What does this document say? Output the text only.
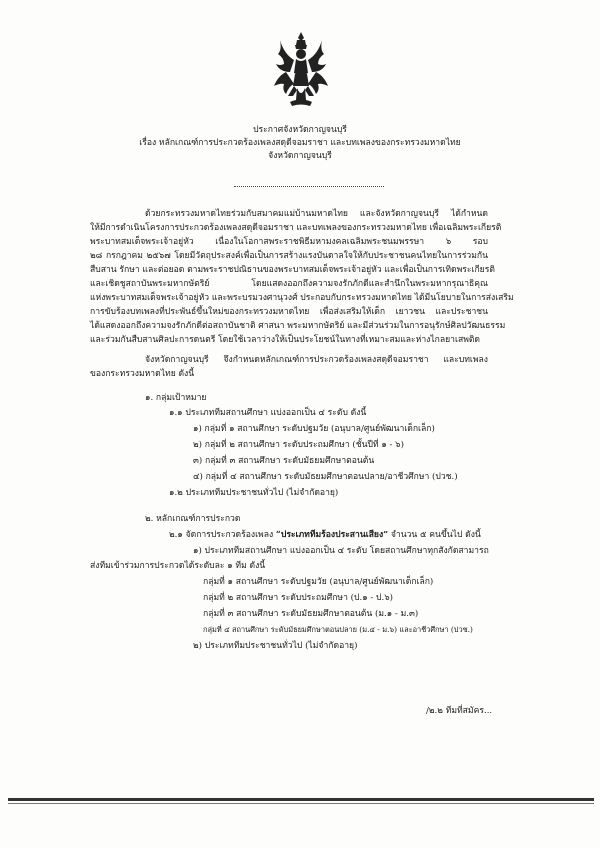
ประกาศจังหวัดกาญจนบุรี
เรื่อง หลักเกณฑ์การประกวดร้องเพลงสดุดีจอมราชา และบทเพลงของกระทรวงมหาดไทย
จังหวัดกาญจนบุรี
ด้วยกระทรวงมหาดไทยร่วมกับสมาคมแม่บ้านมหาดไทย และจังหวัดกาญจนบุรี ได้กำหนด
ให้มีการดำเนินโครงการประกวดร้องเพลงสดุดีจอมราชา และบทเพลงของกระทรวงมหาดไทย เพื่อเฉลิมพระเกียรติ
พระบาทสมเด็จพระเจ้าอยู่หัว เนื่องในโอกาสพระราชพิธีมหามงคลเฉลิมพระชนมพรรษา ๖ รอบ
๒๘ กรกฎาคม ๒๕๖๗ โดยมีวัตถุประสงค์เพื่อเป็นการสร้างแรงบันดาลใจให้กับประชาชนคนไทยในการร่วมกัน
สืบสาน รักษา และต่อยอด ตามพระราชปณิธานของพระบาทสมเด็จพระเจ้าอยู่หัว และเพื่อเป็นการเทิดพระเกียรติ
และเชิดชูสถาบันพระมหากษัตริย์ โดยแสดงออกถึงความจงรักภักดีและสำนึกในพระมหากรุณาธิคุณ
แห่งพระบาทสมเด็จพระเจ้าอยู่หัว และพระบรมวงศานุวงศ์ ประกอบกับกระทรวงมหาดไทย ได้มีนโยบายในการส่งเสริม
การขับร้องบทเพลงที่ประพันธ์ขึ้นใหม่ของกระทรวงมหาดไทย เพื่อส่งเสริมให้เด็ก เยาวชน และประชาชน
ได้แสดงออกถึงความจงรักภักดีต่อสถาบันชาติ ศาสนา พระมหากษัตริย์ และมีส่วนร่วมในการอนุรักษ์ศิลปวัฒนธรรม
และร่วมกันสืบสานศิลปะการดนตรี โดยใช้เวลาว่างให้เป็นประโยชน์ในทางที่เหมาะสมและห่างไกลยาเสพติด
จังหวัดกาญจนบุรี จึงกำหนดหลักเกณฑ์การประกวดร้องเพลงสดุดีจอมราชา และบทเพลง
ของกระทรวงมหาดไทย ดังนี้
๑. กลุ่มเป้าหมาย
๑.๑ ประเภททีมสถานศึกษา แบ่งออกเป็น ๔ ระดับ ดังนี้
๑) กลุ่มที่ ๑ สถานศึกษา ระดับปฐมวัย (อนุบาล/ศูนย์พัฒนาเด็กเล็ก)
๒) กลุ่มที่ ๒ สถานศึกษา ระดับประถมศึกษา (ชั้นปีที่ ๑ - ๖)
๓) กลุ่มที่ ๓ สถานศึกษา ระดับมัธยมศึกษาตอนต้น
๔) กลุ่มที่ ๔ สถานศึกษา ระดับมัธยมศึกษาตอนปลาย/อาชีวศึกษา (ปวช.)
๑.๒ ประเภททีมประชาชนทั่วไป (ไม่จำกัดอายุ)
๒. หลักเกณฑ์การประกวด
๒.๑ จัดการประกวดร้องเพลง “ประเภททีมร้องประสานเสียง” จำนวน ๕ คนขึ้นไป ดังนี้
๑) ประเภททีมสถานศึกษา แบ่งออกเป็น ๔ ระดับ โดยสถานศึกษาทุกสังกัดสามารถ
ส่งทีมเข้าร่วมการประกวดได้ระดับละ ๑ ทีม ดังนี้
กลุ่มที่ ๑ สถานศึกษา ระดับปฐมวัย (อนุบาล/ศูนย์พัฒนาเด็กเล็ก)
กลุ่มที่ ๒ สถานศึกษา ระดับประถมศึกษา (ป.๑ - ป.๖)
กลุ่มที่ ๓ สถานศึกษา ระดับมัธยมศึกษาตอนต้น (ม.๑ - ม.๓)
กลุ่มที่ ๔ สถานศึกษา ระดับมัธยมศึกษาตอนปลาย (ม.๔ - ม.๖) และอาชีวศึกษา (ปวช.)
๒) ประเภททีมประชาชนทั่วไป (ไม่จำกัดอายุ)
/๒.๒ ทีมที่สมัคร...
